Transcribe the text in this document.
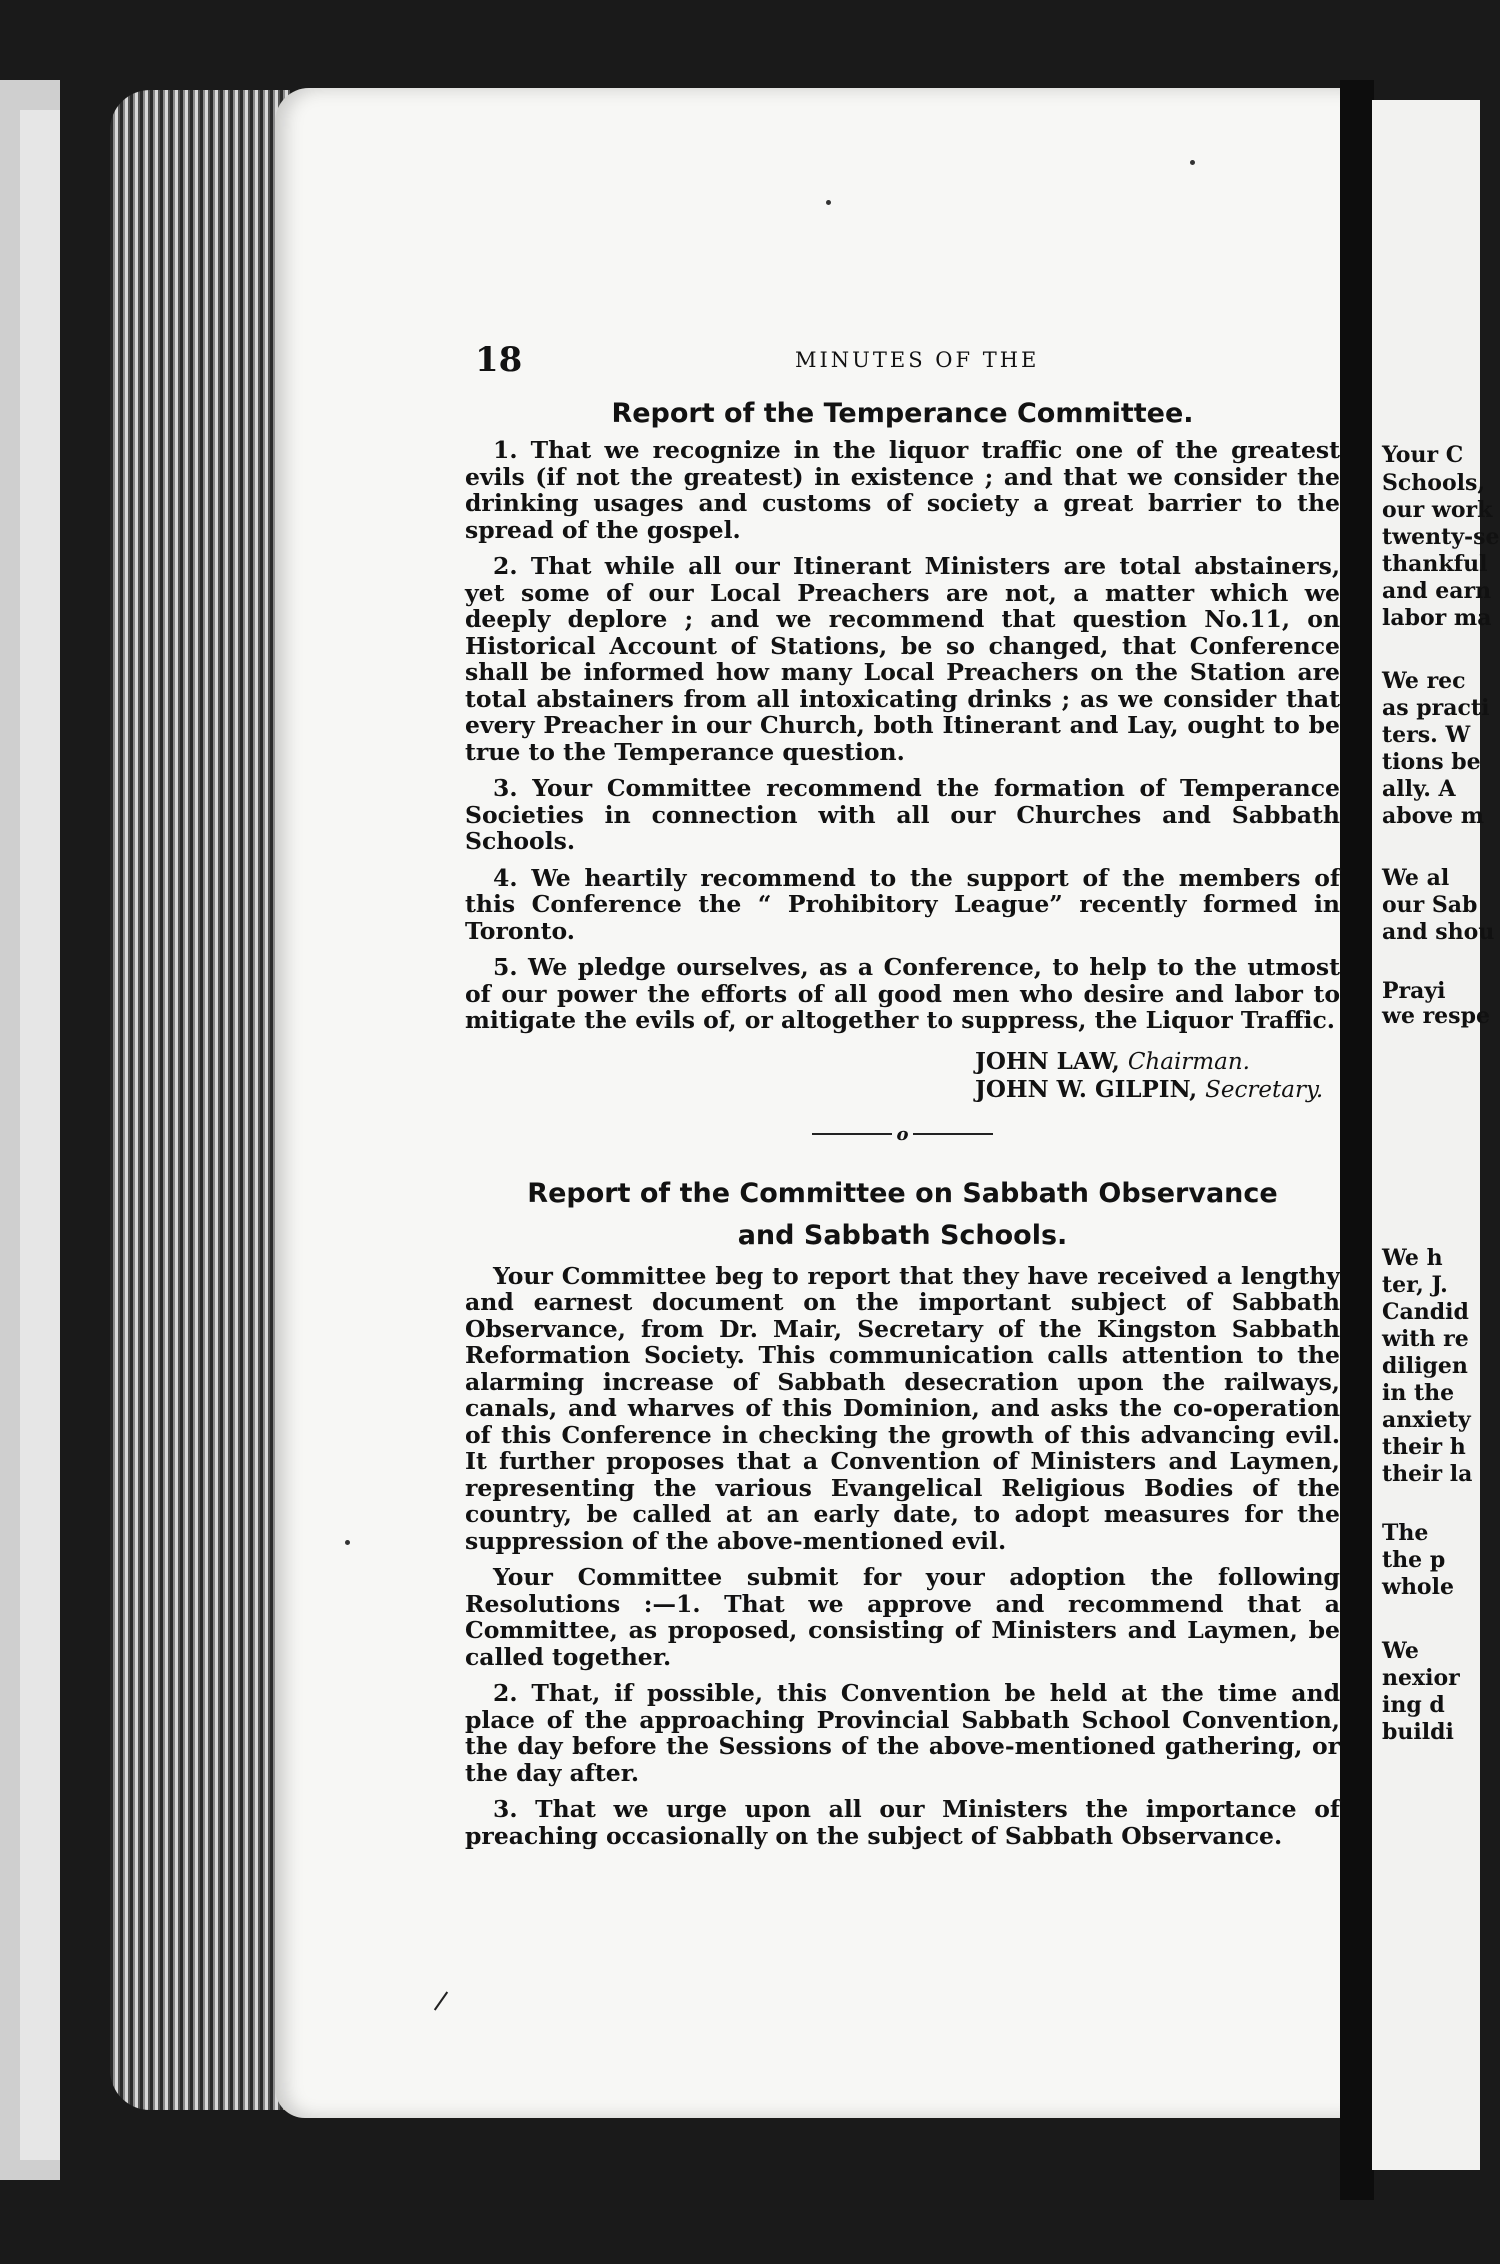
Your C
Schools,
our work
twenty-se
thankful
and earn
labor ma
We rec
as practi
ters. W
tions be
ally. A
above m
We al
our Sab
and shou
Prayi
we respe
We h
ter, J.
Candid
with re
diligen
in the
anxiety
their h
their la
The
the p
whole
We
nexior
ing d
buildi
18	MINUTES OF THE
Report of the Temperance Committee.

1. That we recognize in the liquor traffic one of the greatest evils (if not the greatest) in existence ; and that we consider the drinking usages and customs of society a great barrier to the spread of the gospel.

2. That while all our Itinerant Ministers are total abstainers, yet some of our Local Preachers are not, a matter which we deeply deplore ; and we recommend that question No.11, on Historical Account of Stations, be so changed, that Conference shall be informed how many Local Preachers on the Station are total abstainers from all intoxicating drinks ; as we consider that every Preacher in our Church, both Itinerant and Lay, ought to be true to the Temperance question.

3. Your Committee recommend the formation of Temperance Societies in connection with all our Churches and Sabbath Schools.

4. We heartily recommend to the support of the members of this Conference the “ Prohibitory League” recently formed in Toronto.

5. We pledge ourselves, as a Conference, to help to the utmost of our power the efforts of all good men who desire and labor to mitigate the evils of, or altogether to suppress, the Liquor Traffic.

JOHN LAW, Chairman.
JOHN W. GILPIN, Secretary.
o
Report of the Committee on Sabbath Observance
and Sabbath Schools.

Your Committee beg to report that they have received a lengthy and earnest document on the important subject of Sabbath Observance, from Dr. Mair, Secretary of the Kingston Sabbath Reformation Society. This communication calls attention to the alarming increase of Sabbath desecration upon the railways, canals, and wharves of this Dominion, and asks the co-operation of this Conference in checking the growth of this advancing evil. It further proposes that a Convention of Ministers and Laymen, representing the various Evangelical Religious Bodies of the country, be called at an early date, to adopt measures for the suppression of the above-mentioned evil.

Your Committee submit for your adoption the following Resolutions :—1. That we approve and recommend that a Committee, as proposed, consisting of Ministers and Laymen, be called together.

2. That, if possible, this Convention be held at the time and place of the approaching Provincial Sabbath School Convention, the day before the Sessions of the above-mentioned gathering, or the day after.

3. That we urge upon all our Ministers the importance of preaching occasionally on the subject of Sabbath Observance.
